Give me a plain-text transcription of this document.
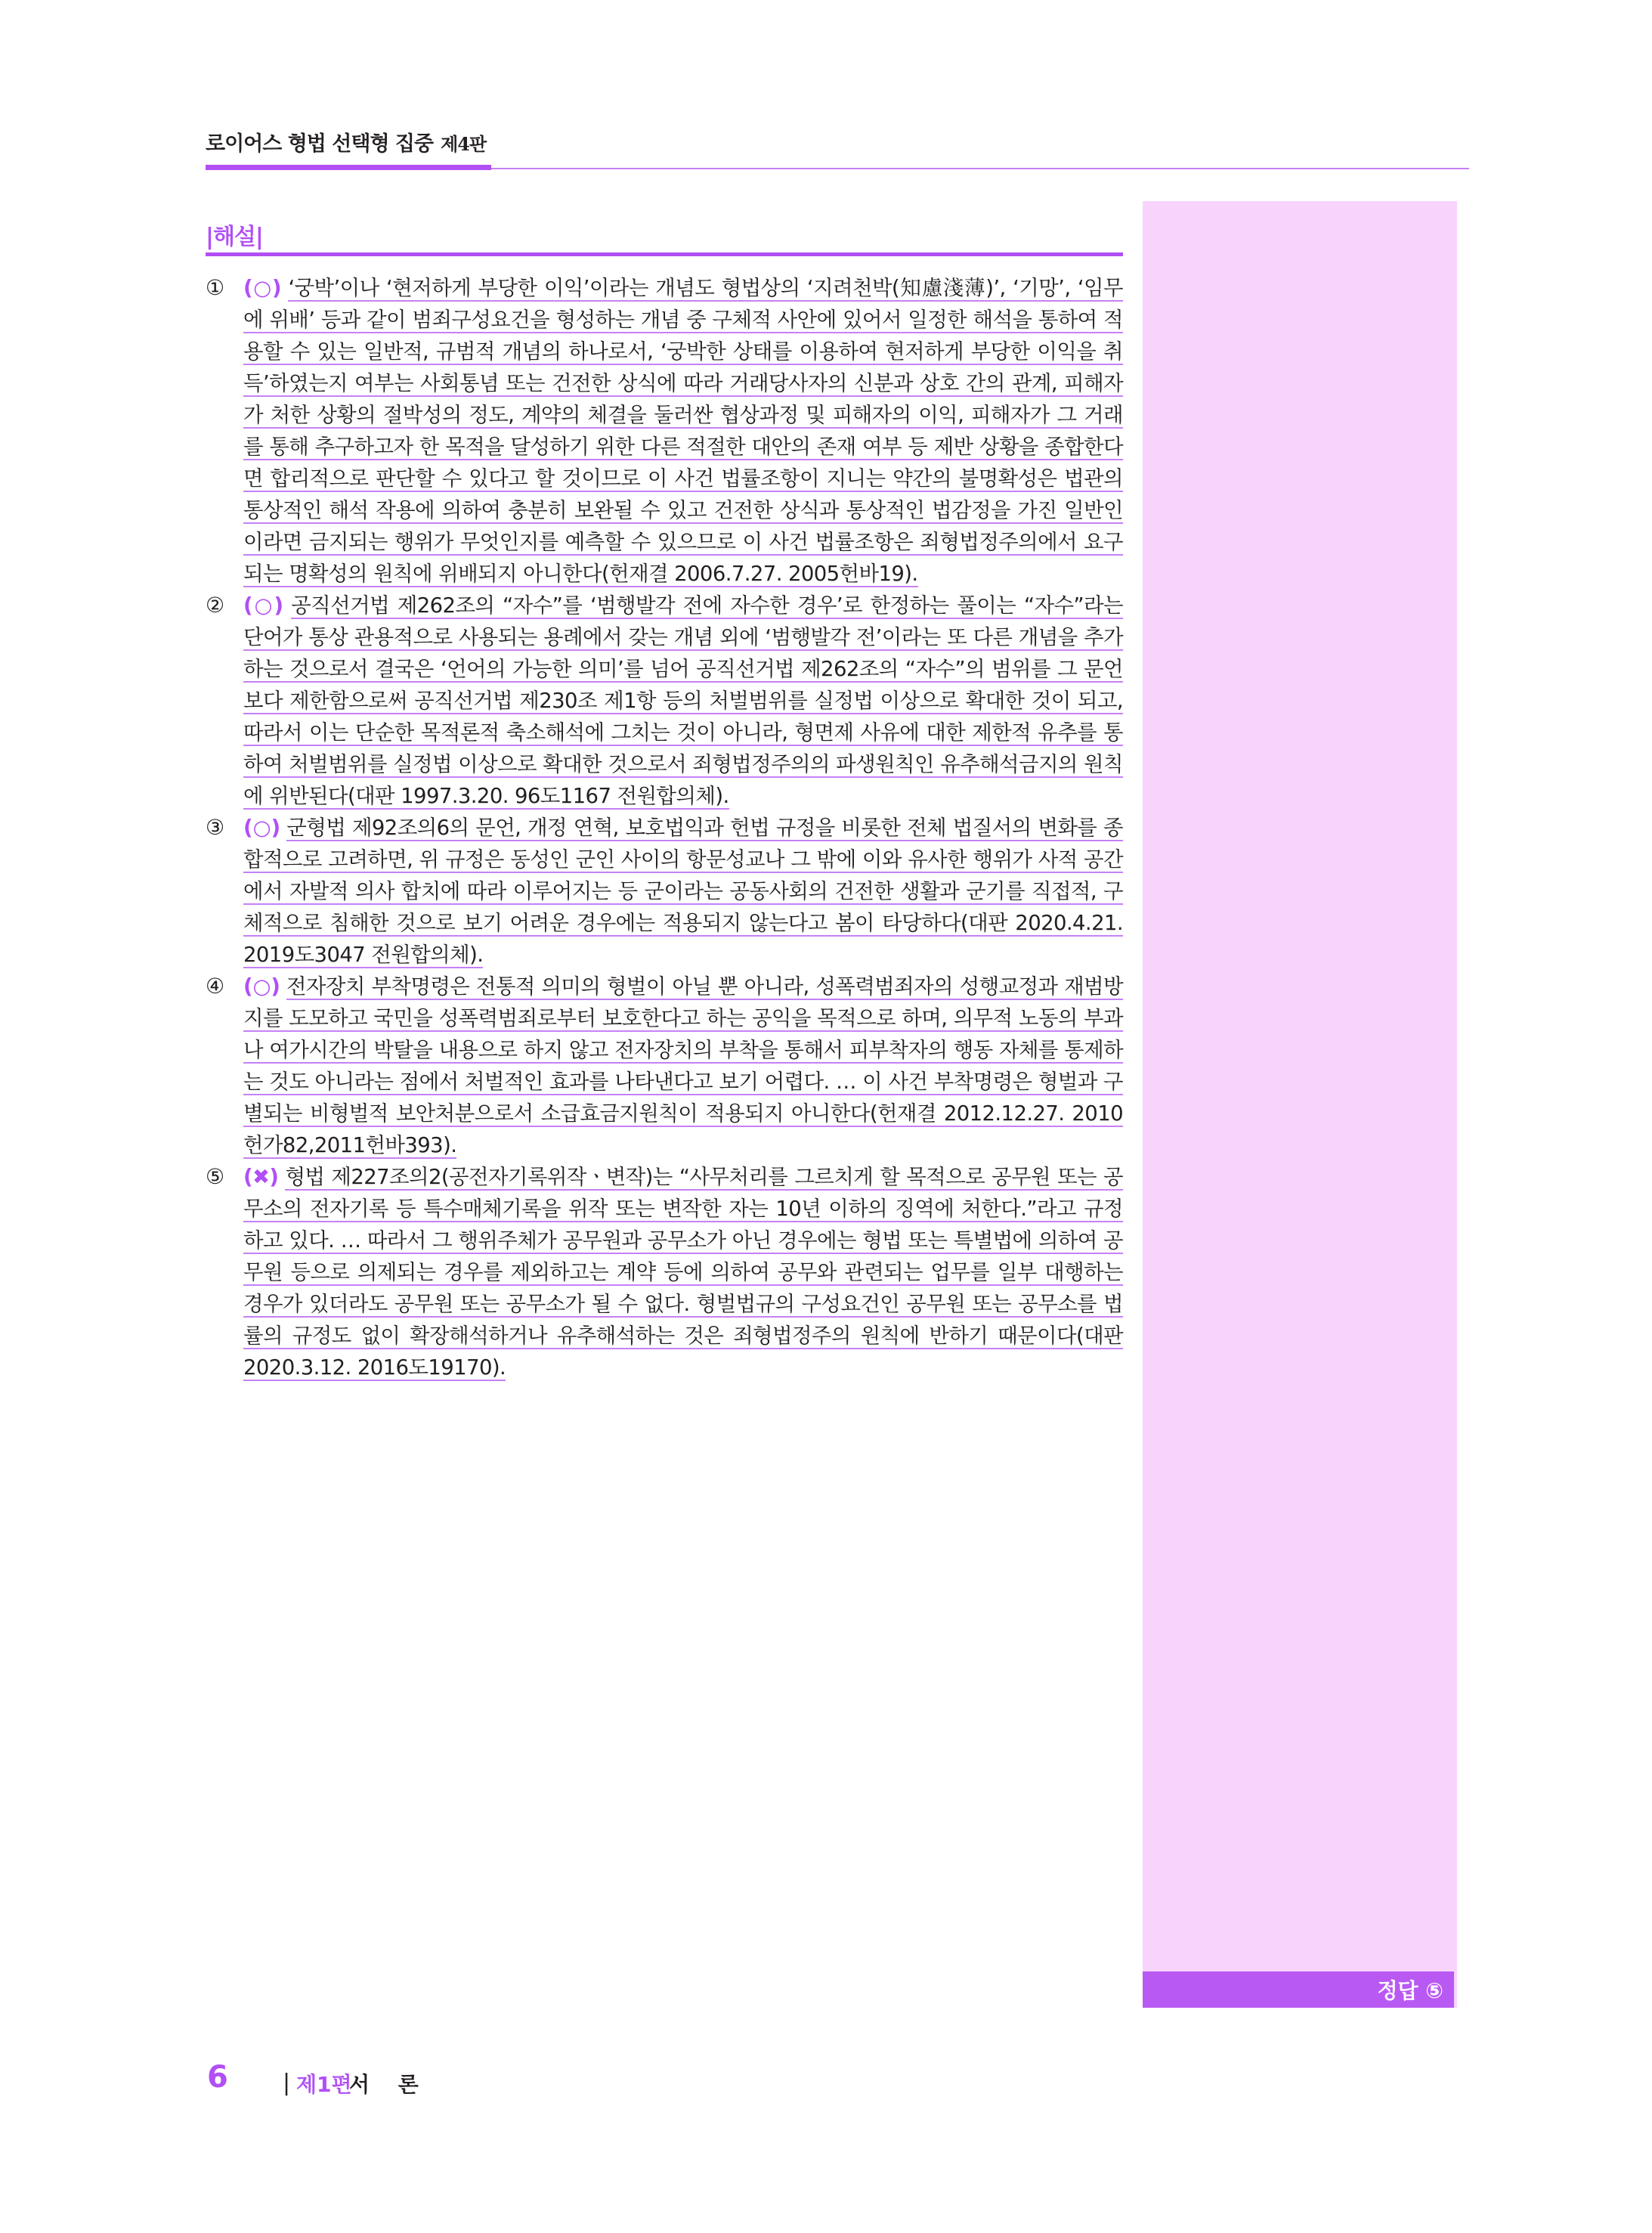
로이어스 형법 선택형 집중 제4판
정답 ⑤
|해설|
① (○) ‘궁박’이나 ‘현저하게 부당한 이익’이라는 개념도 형법상의 ‘지려천박(知慮淺薄)’, ‘기망’, ‘임무에 위배’ 등과 같이 범죄구성요건을 형성하는 개념 중 구체적 사안에 있어서 일정한 해석을 통하여 적용할 수 있는 일반적, 규범적 개념의 하나로서, ‘궁박한 상태를 이용하여 현저하게 부당한 이익을 취득’하였는지 여부는 사회통념 또는 건전한 상식에 따라 거래당사자의 신분과 상호 간의 관계, 피해자가 처한 상황의 절박성의 정도, 계약의 체결을 둘러싼 협상과정 및 피해자의 이익, 피해자가 그 거래를 통해 추구하고자 한 목적을 달성하기 위한 다른 적절한 대안의 존재 여부 등 제반 상황을 종합한다면 합리적으로 판단할 수 있다고 할 것이므로 이 사건 법률조항이 지니는 약간의 불명확성은 법관의 통상적인 해석 작용에 의하여 충분히 보완될 수 있고 건전한 상식과 통상적인 법감정을 가진 일반인이라면 금지되는 행위가 무엇인지를 예측할 수 있으므로 이 사건 법률조항은 죄형법정주의에서 요구되는 명확성의 원칙에 위배되지 아니한다(헌재결 2006.7.27. 2005헌바19).

② (○) 공직선거법 제262조의 “자수”를 ‘범행발각 전에 자수한 경우’로 한정하는 풀이는 “자수”라는 단어가 통상 관용적으로 사용되는 용례에서 갖는 개념 외에 ‘범행발각 전’이라는 또 다른 개념을 추가하는 것으로서 결국은 ‘언어의 가능한 의미’를 넘어 공직선거법 제262조의 “자수”의 범위를 그 문언보다 제한함으로써 공직선거법 제230조 제1항 등의 처벌범위를 실정법 이상으로 확대한 것이 되고, 따라서 이는 단순한 목적론적 축소해석에 그치는 것이 아니라, 형면제 사유에 대한 제한적 유추를 통하여 처벌범위를 실정법 이상으로 확대한 것으로서 죄형법정주의의 파생원칙인 유추해석금지의 원칙에 위반된다(대판 1997.3.20. 96도1167 전원합의체).

③ (○) 군형법 제92조의6의 문언, 개정 연혁, 보호법익과 헌법 규정을 비롯한 전체 법질서의 변화를 종합적으로 고려하면, 위 규정은 동성인 군인 사이의 항문성교나 그 밖에 이와 유사한 행위가 사적 공간에서 자발적 의사 합치에 따라 이루어지는 등 군이라는 공동사회의 건전한 생활과 군기를 직접적, 구체적으로 침해한 것으로 보기 어려운 경우에는 적용되지 않는다고 봄이 타당하다(대판 2020.4.21. 2019도3047 전원합의체).

④ (○) 전자장치 부착명령은 전통적 의미의 형벌이 아닐 뿐 아니라, 성폭력범죄자의 성행교정과 재범방지를 도모하고 국민을 성폭력범죄로부터 보호한다고 하는 공익을 목적으로 하며, 의무적 노동의 부과나 여가시간의 박탈을 내용으로 하지 않고 전자장치의 부착을 통해서 피부착자의 행동 자체를 통제하는 것도 아니라는 점에서 처벌적인 효과를 나타낸다고 보기 어렵다. … 이 사건 부착명령은 형벌과 구별되는 비형벌적 보안처분으로서 소급효금지원칙이 적용되지 아니한다(헌재결 2012.12.27. 2010헌가82,2011헌바393).

⑤ (✖) 형법 제227조의2(공전자기록위작ㆍ변작)는 “사무처리를 그르치게 할 목적으로 공무원 또는 공무소의 전자기록 등 특수매체기록을 위작 또는 변작한 자는 10년 이하의 징역에 처한다.”라고 규정하고 있다. … 따라서 그 행위주체가 공무원과 공무소가 아닌 경우에는 형법 또는 특별법에 의하여 공무원 등으로 의제되는 경우를 제외하고는 계약 등에 의하여 공무와 관련되는 업무를 일부 대행하는 경우가 있더라도 공무원 또는 공무소가 될 수 없다. 형벌법규의 구성요건인 공무원 또는 공무소를 법률의 규정도 없이 확장해석하거나 유추해석하는 것은 죄형법정주의 원칙에 반하기 때문이다(대판 2020.3.12. 2016도19170).

6 | 제1편
서 론
